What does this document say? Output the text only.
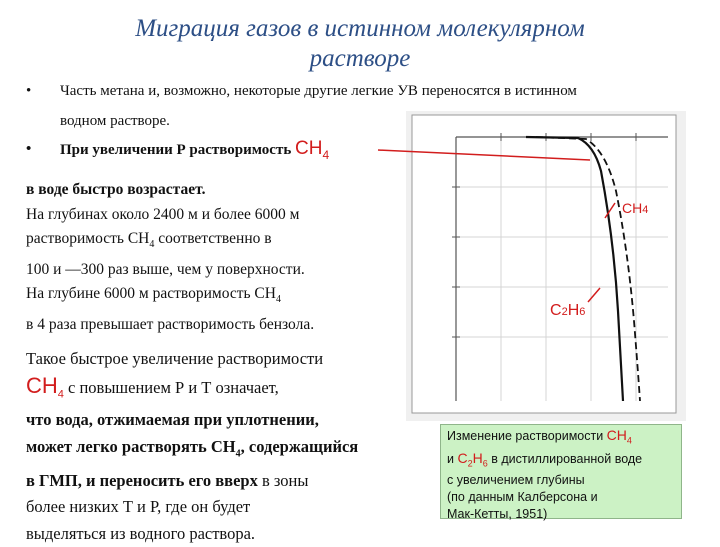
Миграция газов в истинном молекулярном
растворе
• Часть метана и, возможно, некоторые другие легкие УВ переносятся в истинном
водном растворе.
• При увеличении Р растворимость $CH_4$
в воде быстро возрастает.
На глубинах около 2400 м и более 6000 м
растворимость $СН_4$ соответственно в
100 и —300 раз выше, чем у поверхности.
На глубине 6000 м растворимость $СН_4$
в 4 раза превышает растворимость бензола.
Такое быстрое увеличение растворимости
$СН_4$ с повышением Р и Т означает,
что вода, отжимаемая при уплотнении,
может легко растворять $СН_4$, содержащийся
в ГМП, и переносить его вверх в зоны
более низких Т и Р, где он будет
выделяться из водного раствора.
CH4
C2H6
Изменение растворимости $CH_4$
и $C_2H_6$ в дистиллированной воде
с увеличением глубины
(по данным Калберсона и
Мак-Кетты, 1951)
